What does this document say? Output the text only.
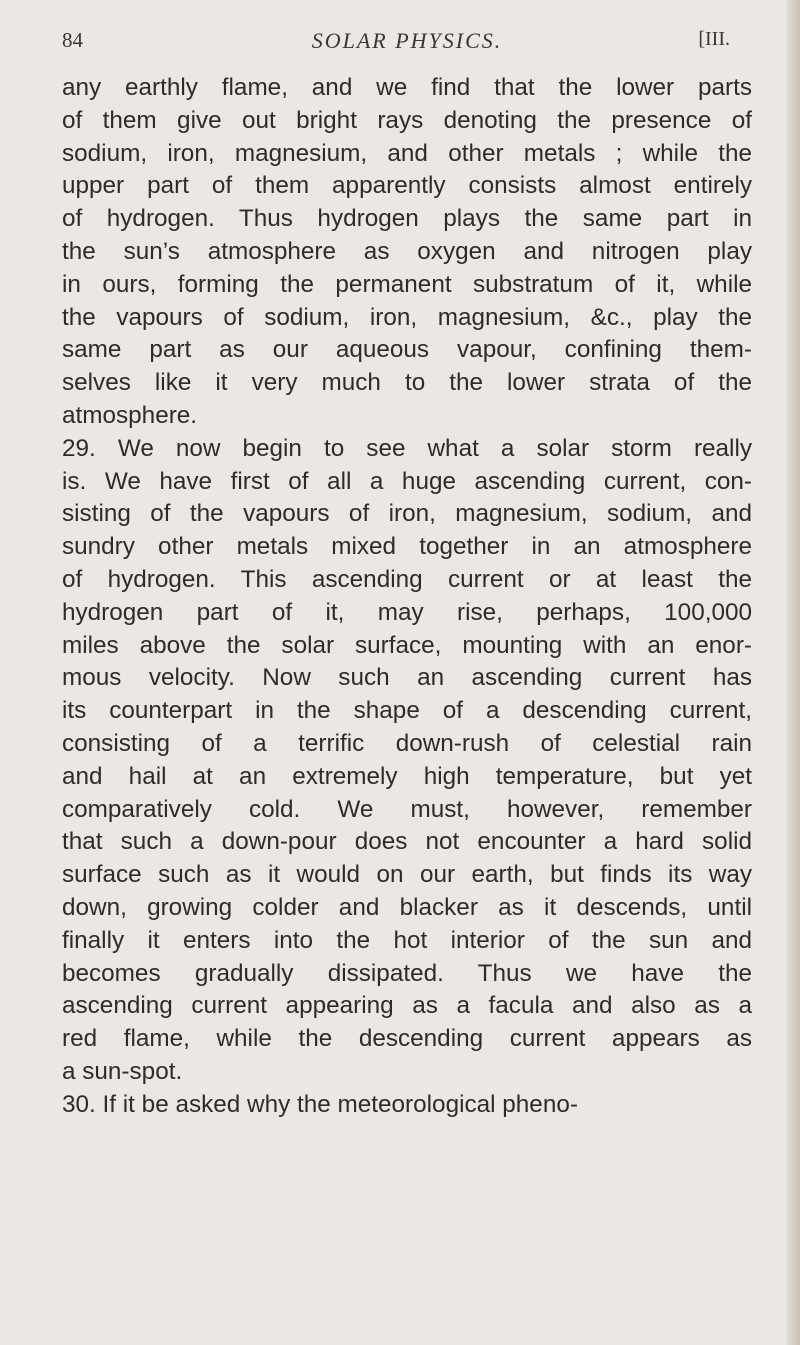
84	SOLAR PHYSICS.	[III.
any earthly flame, and we find that the lower parts
of them give out bright rays denoting the presence of
sodium, iron, magnesium, and other metals ; while the
upper part of them apparently consists almost entirely
of hydrogen. Thus hydrogen plays the same part in
the sun’s atmosphere as oxygen and nitrogen play
in ours, forming the permanent substratum of it, while
the vapours of sodium, iron, magnesium, &c., play the
same part as our aqueous vapour, confining them-
selves like it very much to the lower strata of the
atmosphere.
29. We now begin to see what a solar storm really
is. We have first of all a huge ascending current, con-
sisting of the vapours of iron, magnesium, sodium, and
sundry other metals mixed together in an atmosphere
of hydrogen. This ascending current or at least the
hydrogen part of it, may rise, perhaps, 100,000
miles above the solar surface, mounting with an enor-
mous velocity. Now such an ascending current has
its counterpart in the shape of a descending current,
consisting of a terrific down-rush of celestial rain
and hail at an extremely high temperature, but yet
comparatively cold. We must, however, remember
that such a down-pour does not encounter a hard solid
surface such as it would on our earth, but finds its way
down, growing colder and blacker as it descends, until
finally it enters into the hot interior of the sun and
becomes gradually dissipated. Thus we have the
ascending current appearing as a facula and also as a
red flame, while the descending current appears as
a sun-spot.
30. If it be asked why the meteorological pheno-
